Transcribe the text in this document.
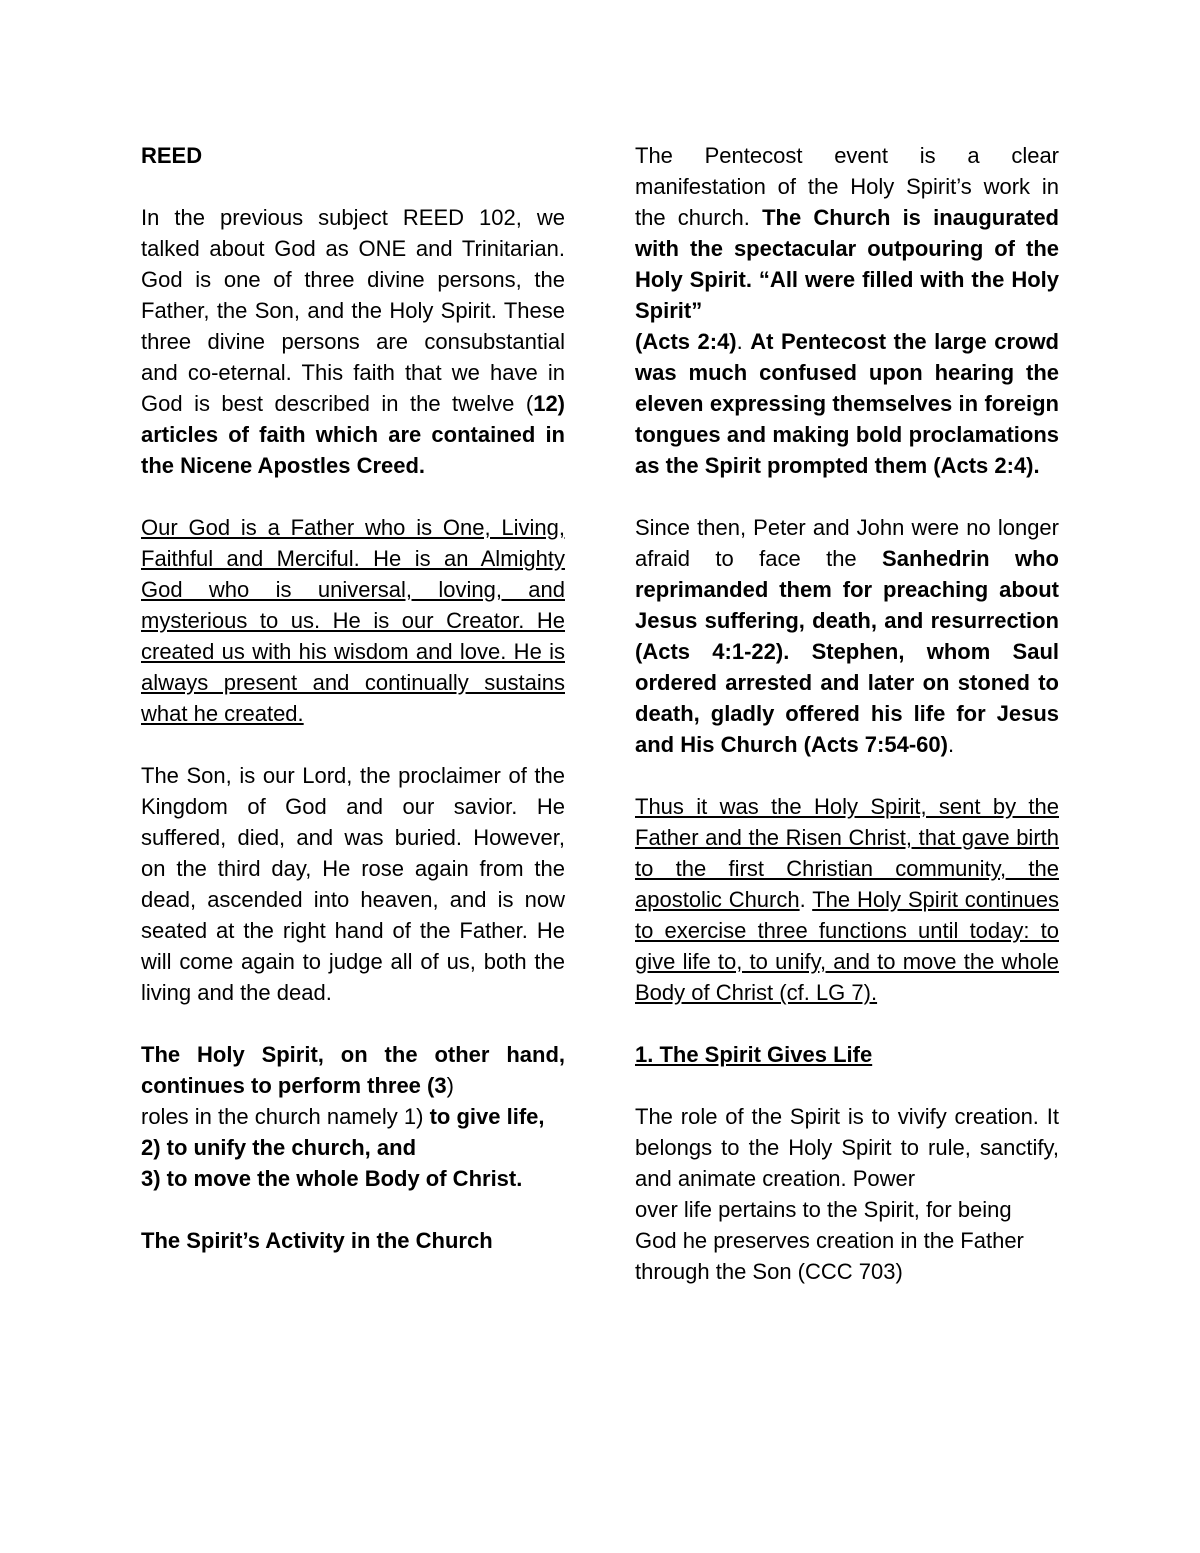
REED

In the previous subject REED 102, we talked about God as ONE and Trinitarian. God is one of three divine persons, the Father, the Son, and the Holy Spirit. These three divine persons are consubstantial and co-eternal. This faith that we have in God is best described in the twelve (12) articles of faith which are contained in the Nicene Apostles Creed.

Our God is a Father who is One, Living, Faithful and Merciful. He is an Almighty God who is universal, loving, and mysterious to us. He is our Creator. He created us with his wisdom and love. He is always present and continually sustains what he created.

The Son, is our Lord, the proclaimer of the Kingdom of God and our savior. He suffered, died, and was buried. However, on the third day, He rose again from the dead, ascended into heaven, and is now seated at the right hand of the Father. He will come again to judge all of us, both the living and the dead.

The Holy Spirit, on the other hand, continues to perform three (3)

roles in the church namely 1) to give life,

2) to unify the church, and

3) to move the whole Body of Christ.

The Spirit’s Activity in the Church

The Pentecost event is a clear manifestation of the Holy Spirit’s work in the church. The Church is inaugurated with the spectacular outpouring of the Holy Spirit. “All were filled with the Holy Spirit”
(Acts 2:4). At Pentecost the large crowd was much confused upon hearing the eleven expressing themselves in foreign tongues and making bold proclamations as the Spirit prompted them (Acts 2:4).

Since then, Peter and John were no longer afraid to face the Sanhedrin who reprimanded them for preaching about Jesus suffering, death, and resurrection (Acts 4:1-22). Stephen, whom Saul ordered arrested and later on stoned to death, gladly offered his life for Jesus and His Church (Acts 7:54-60).

Thus it was the Holy Spirit, sent by the Father and the Risen Christ, that gave birth to the first Christian community, the apostolic Church. The Holy Spirit continues to exercise three functions until today: to give life to, to unify, and to move the whole Body of Christ (cf. LG 7).

1. The Spirit Gives Life

The role of the Spirit is to vivify creation. It belongs to the Holy Spirit to rule, sanctify, and animate creation. Power

over life pertains to the Spirit, for being God he preserves creation in the Father through the Son (CCC 703)
